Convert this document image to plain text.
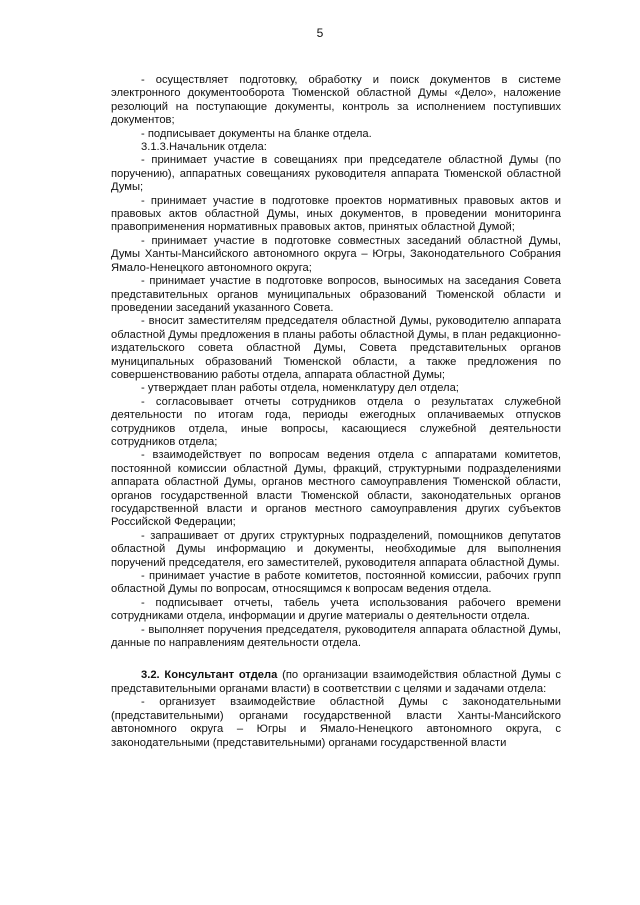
5

- осуществляет подготовку, обработку и поиск документов в системе электронного документооборота Тюменской областной Думы «Дело», наложение резолюций на поступающие документы, контроль за исполнением поступивших документов;

- подписывает документы на бланке отдела.

3.1.3.Начальник отдела:

- принимает участие в совещаниях при председателе областной Думы (по поручению), аппаратных совещаниях руководителя аппарата Тюменской областной Думы;

- принимает участие в подготовке проектов нормативных правовых актов и правовых актов областной Думы, иных документов, в проведении мониторинга правоприменения нормативных правовых актов, принятых областной Думой;

- принимает участие в подготовке совместных заседаний областной Думы, Думы Ханты-Мансийского автономного округа – Югры, Законодательного Собрания Ямало-Ненецкого автономного округа;

- принимает участие в подготовке вопросов, выносимых на заседания Совета представительных органов муниципальных образований Тюменской области и проведении заседаний указанного Совета.

- вносит заместителям председателя областной Думы, руководителю аппарата областной Думы предложения в планы работы областной Думы, в план редакционно-издательского совета областной Думы, Совета представительных органов муниципальных образований Тюменской области, а также предложения по совершенствованию работы отдела, аппарата областной Думы;

- утверждает план работы отдела, номенклатуру дел отдела;

- согласовывает отчеты сотрудников отдела о результатах служебной деятельности по итогам года, периоды ежегодных оплачиваемых отпусков сотрудников отдела, иные вопросы, касающиеся служебной деятельности сотрудников отдела;

- взаимодействует по вопросам ведения отдела с аппаратами комитетов, постоянной комиссии областной Думы, фракций, структурными подразделениями аппарата областной Думы, органов местного самоуправления Тюменской области, органов государственной власти Тюменской области, законодательных органов государственной власти и органов местного самоуправления других субъектов Российской Федерации;

- запрашивает от других структурных подразделений, помощников депутатов областной Думы информацию и документы, необходимые для выполнения поручений председателя, его заместителей, руководителя аппарата областной Думы.

- принимает участие в работе комитетов, постоянной комиссии, рабочих групп областной Думы по вопросам, относящимся к вопросам ведения отдела.

- подписывает отчеты, табель учета использования рабочего времени сотрудниками отдела, информации и другие материалы о деятельности отдела.

- выполняет поручения председателя, руководителя аппарата областной Думы, данные по направлениям деятельности отдела.

3.2. Консультант отдела (по организации взаимодействия областной Думы с представительными органами власти) в соответствии с целями и задачами отдела:

- организует взаимодействие областной Думы с законодательными (представительными) органами государственной власти Ханты-Мансийского автономного округа – Югры и Ямало-Ненецкого автономного округа, с законодательными (представительными) органами государственной власти
